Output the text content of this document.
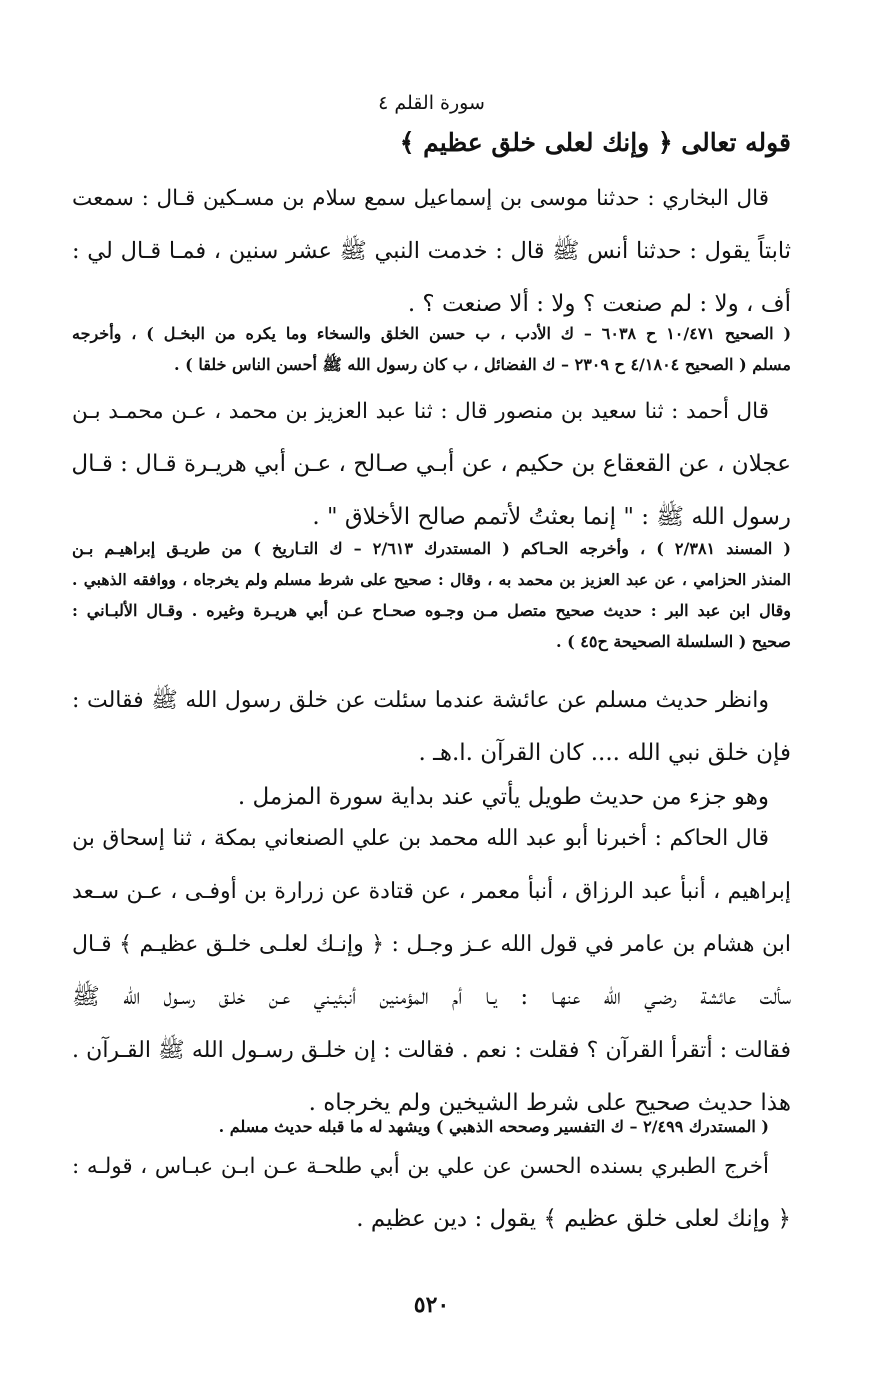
سورة القلم ٤
قوله تعالى ﴿ وإنك لعلى خلق عظيم ﴾
قال البخاري : حدثنا موسى بن إسماعيل سمع سلام بن مسـكين قـال : سمعت
ثابتاً يقول : حدثنا أنس ﷺ قال : خدمت النبي ﷺ عشر سنين ، فمـا قـال لي :
أف ، ولا : لم صنعت ؟ ولا : ألا صنعت ؟ .
( الصحيح ١٠/٤٧١ ح ٦٠٣٨ – ك الأدب ، ب حسن الخلق والسخاء وما يكره من البخـل ) ، وأخرجه
مسلم ( الصحيح ٤/١٨٠٤ ح ٢٣٠٩ – ك الفضائل ، ب كان رسول الله ﷺ أحسن الناس خلقا ) .
قال أحمد : ثنا سعيد بن منصور قال : ثنا عبد العزيز بن محمد ، عـن محمـد بـن
عجلان ، عن القعقاع بن حكيم ، عن أبـي صـالح ، عـن أبي هريـرة قـال : قـال
رسول الله ﷺ : " إنما بعثتُ لأتمم صالح الأخلاق " .
( المسند ٢/٣٨١ ) ، وأخرجه الحـاكم ( المستدرك ٢/٦١٣ – ك التـاريخ ) من طريـق إبراهيـم بـن
المنذر الحزامي ، عن عبد العزيز بن محمد به ، وقال : صحيح على شرط مسلم ولم يخرجاه ، ووافقه الذهبي .
وقال ابن عبد البر : حديث صحيح متصل مـن وجـوه صحـاح عـن أبي هريـرة وغيره . وقـال الألبـاني :
صحيح ( السلسلة الصحيحة ح٤٥ ) .
وانظر حديث مسلم عن عائشة عندما سئلت عن خلق رسول الله ﷺ فقالت :
فإن خلق نبي الله .... كان القرآن .ا.هـ .
وهو جزء من حديث طويل يأتي عند بداية سورة المزمل .
قال الحاكم : أخبرنا أبو عبد الله محمد بن علي الصنعاني بمكة ، ثنا إسحاق بن
إبراهيم ، أنبأ عبد الرزاق ، أنبأ معمر ، عن قتادة عن زرارة بن أوفـى ، عـن سـعد
ابن هشام بن عامر في قول الله عـز وجـل : ﴿ وإنـك لعلـى خلـق عظيـم ﴾ قـال
سألت عائشة رضـي الله عنهـا : يـا أم المؤمنين أنبئيـني عـن خلـق رسـول الله ﷺ
فقالت : أتقرأ القرآن ؟ فقلت : نعم . فقالت : إن خلـق رسـول الله ﷺ القـرآن .
هذا حديث صحيح على شرط الشيخين ولم يخرجاه .
( المستدرك ٢/٤٩٩ – ك التفسير وصححه الذهبي ) ويشهد له ما قبله حديث مسلم .
أخرج الطبري بسنده الحسن عن علي بن أبي طلحـة عـن ابـن عبـاس ، قولـه :
﴿ وإنك لعلى خلق عظيم ﴾ يقول : دين عظيم .
٥٢٠
